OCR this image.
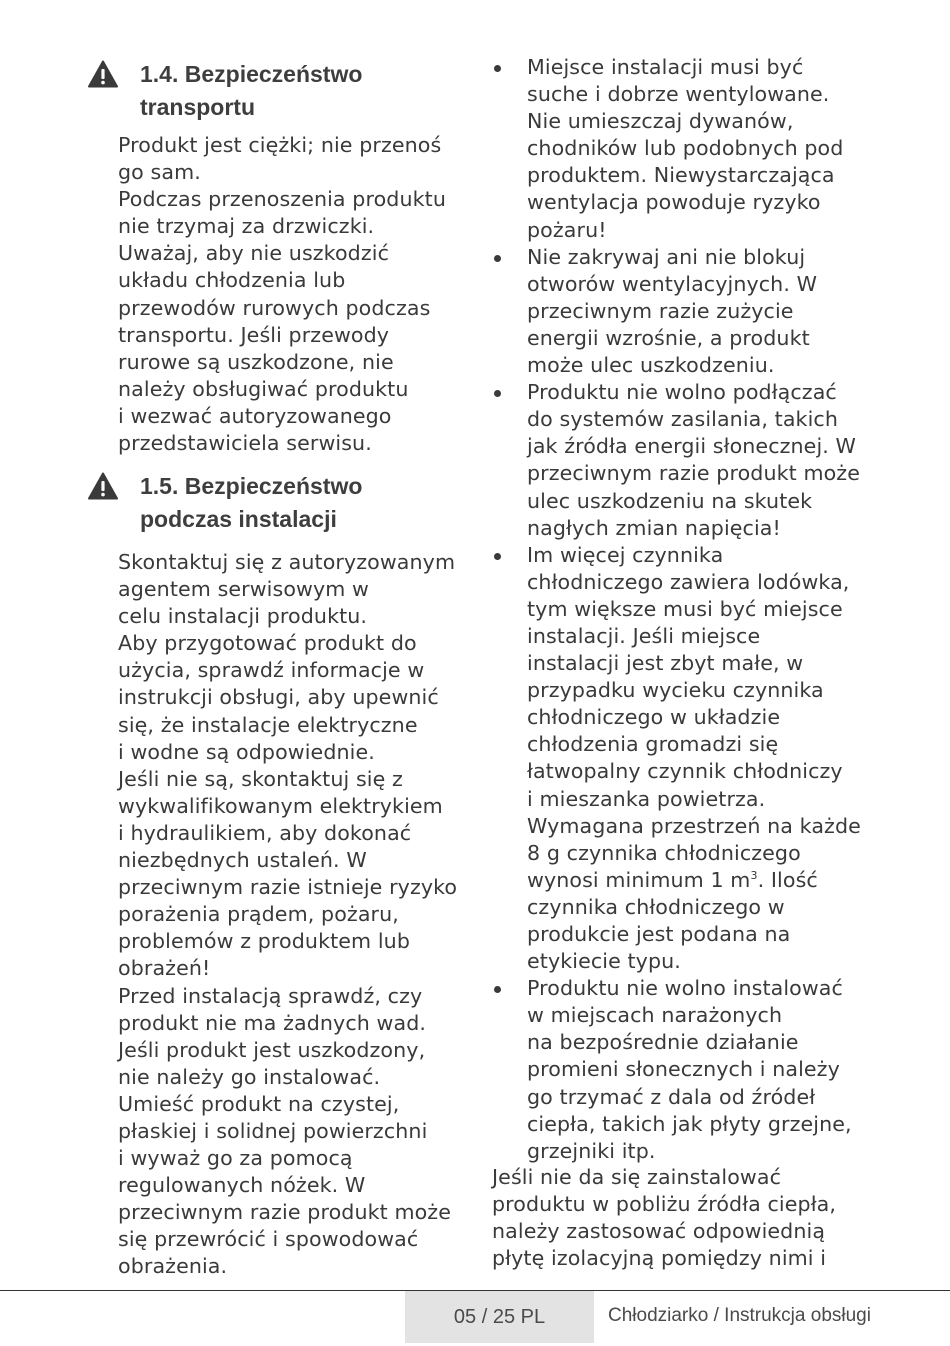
1.4. Bezpieczeństwo
transportu
Produkt jest ciężki; nie przenoś
go sam.
Podczas przenoszenia produktu
nie trzymaj za drzwiczki.
Uważaj, aby nie uszkodzić
układu chłodzenia lub
przewodów rurowych podczas
transportu. Jeśli przewody
rurowe są uszkodzone, nie
należy obsługiwać produktu
i wezwać autoryzowanego
przedstawiciela serwisu.
1.5. Bezpieczeństwo
podczas instalacji
Skontaktuj się z autoryzowanym
agentem serwisowym w
celu instalacji produktu.
Aby przygotować produkt do
użycia, sprawdź informacje w
instrukcji obsługi, aby upewnić
się, że instalacje elektryczne
i wodne są odpowiednie.
Jeśli nie są, skontaktuj się z
wykwalifikowanym elektrykiem
i hydraulikiem, aby dokonać
niezbędnych ustaleń. W
przeciwnym razie istnieje ryzyko
porażenia prądem, pożaru,
problemów z produktem lub
obrażeń!
Przed instalacją sprawdź, czy
produkt nie ma żadnych wad.
Jeśli produkt jest uszkodzony,
nie należy go instalować.
Umieść produkt na czystej,
płaskiej i solidnej powierzchni
i wyważ go za pomocą
regulowanych nóżek. W
przeciwnym razie produkt może
się przewrócić i spowodować
obrażenia.
Miejsce instalacji musi być
suche i dobrze wentylowane.
Nie umieszczaj dywanów,
chodników lub podobnych pod
produktem. Niewystarczająca
wentylacja powoduje ryzyko
pożaru!
Nie zakrywaj ani nie blokuj
otworów wentylacyjnych. W
przeciwnym razie zużycie
energii wzrośnie, a produkt
może ulec uszkodzeniu.
Produktu nie wolno podłączać
do systemów zasilania, takich
jak źródła energii słonecznej. W
przeciwnym razie produkt może
ulec uszkodzeniu na skutek
nagłych zmian napięcia!
Im więcej czynnika
chłodniczego zawiera lodówka,
tym większe musi być miejsce
instalacji. Jeśli miejsce
instalacji jest zbyt małe, w
przypadku wycieku czynnika
chłodniczego w układzie
chłodzenia gromadzi się
łatwopalny czynnik chłodniczy
i mieszanka powietrza.
Wymagana przestrzeń na każde
8 g czynnika chłodniczego
wynosi minimum 1 $m^3$. Ilość
czynnika chłodniczego w
produkcie jest podana na
etykiecie typu.
Produktu nie wolno instalować
w miejscach narażonych
na bezpośrednie działanie
promieni słonecznych i należy
go trzymać z dala od źródeł
ciepła, takich jak płyty grzejne,
grzejniki itp.
Jeśli nie da się zainstalować
produktu w pobliżu źródła ciepła,
należy zastosować odpowiednią
płytę izolacyjną pomiędzy nimi i
05 / 25 PL	Chłodziarko / Instrukcja obsługi
